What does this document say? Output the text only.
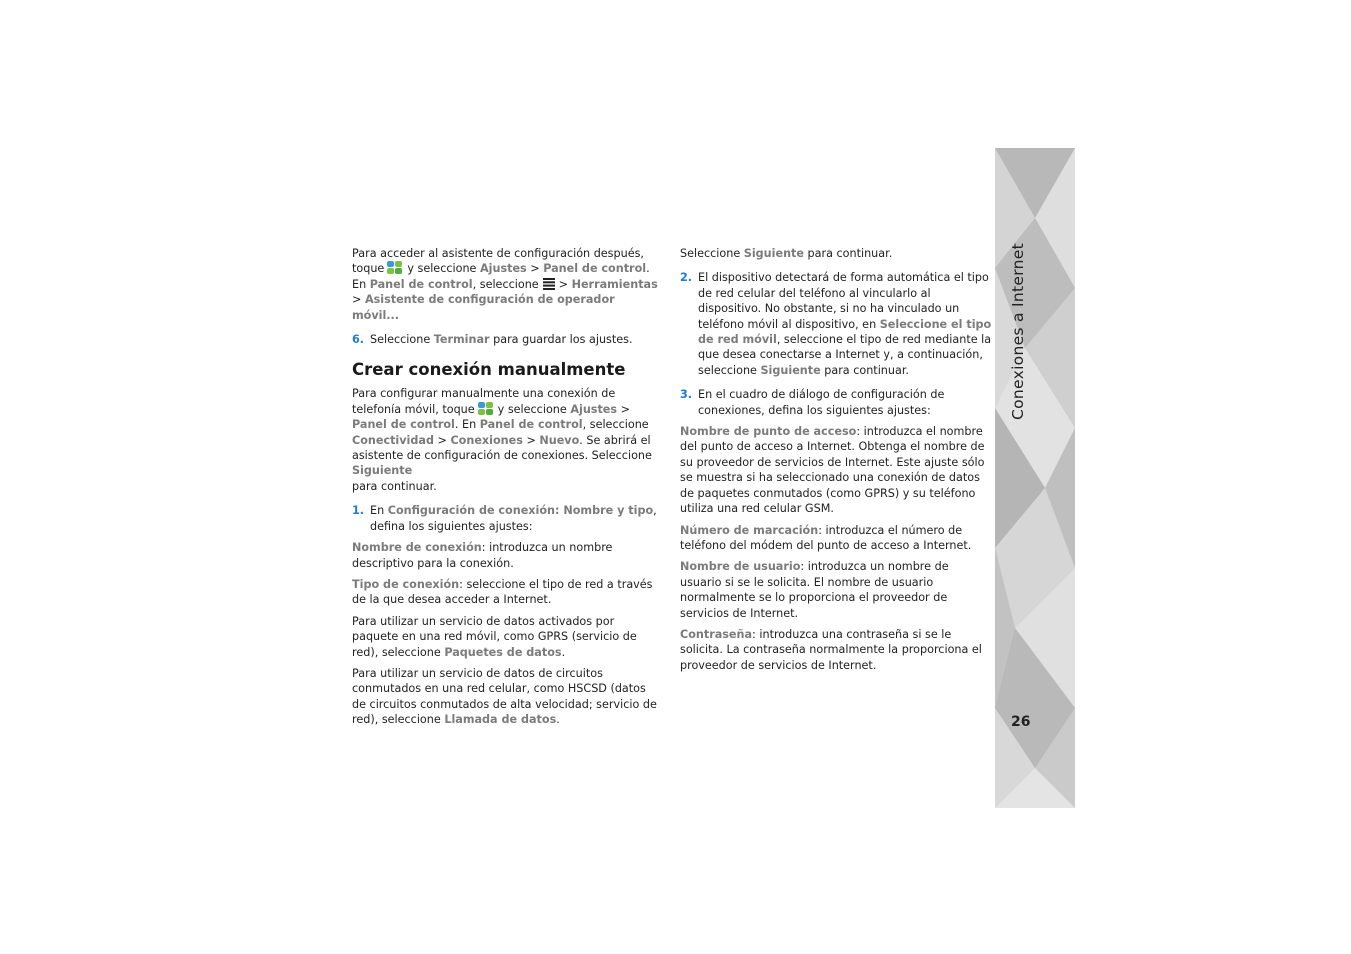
26

Para acceder al asistente de configuración después, toque y seleccione Ajustes > Panel de control. En Panel de control, seleccione > Herramientas > Asistente de configuración de operador móvil...

6. Seleccione Terminar para guardar los ajustes.

Crear conexión manualmente

Para configurar manualmente una conexión de telefonía móvil, toque y seleccione Ajustes > Panel de control. En Panel de control, seleccione Conectividad > Conexiones > Nuevo. Se abrirá el asistente de configuración de conexiones. Seleccione Siguiente
para continuar.

1. En Configuración de conexión: Nombre y tipo, defina los siguientes ajustes:

Nombre de conexión: introduzca un nombre descriptivo para la conexión.

Tipo de conexión: seleccione el tipo de red a través de la que desea acceder a Internet.

Para utilizar un servicio de datos activados por paquete en una red móvil, como GPRS (servicio de red), seleccione Paquetes de datos.

Para utilizar un servicio de datos de circuitos conmutados en una red celular, como HSCSD (datos de circuitos conmutados de alta velocidad; servicio de red), seleccione Llamada de datos.

Seleccione Siguiente para continuar.

2. El dispositivo detectará de forma automática el tipo de red celular del teléfono al vincularlo al dispositivo. No obstante, si no ha vinculado un teléfono móvil al dispositivo, en Seleccione el tipo de red móvil, seleccione el tipo de red mediante la que desea conectarse a Internet y, a continuación, seleccione Siguiente para continuar.

3. En el cuadro de diálogo de configuración de conexiones, defina los siguientes ajustes:

Nombre de punto de acceso: introduzca el nombre del punto de acceso a Internet. Obtenga el nombre de su proveedor de servicios de Internet. Este ajuste sólo se muestra si ha seleccionado una conexión de datos de paquetes conmutados (como GPRS) y su teléfono utiliza una red celular GSM.

Número de marcación: introduzca el número de teléfono del módem del punto de acceso a Internet.

Nombre de usuario: introduzca un nombre de usuario si se le solicita. El nombre de usuario normalmente se lo proporciona el proveedor de servicios de Internet.

Contraseña: introduzca una contraseña si se le solicita. La contraseña normalmente la proporciona el proveedor de servicios de Internet.
